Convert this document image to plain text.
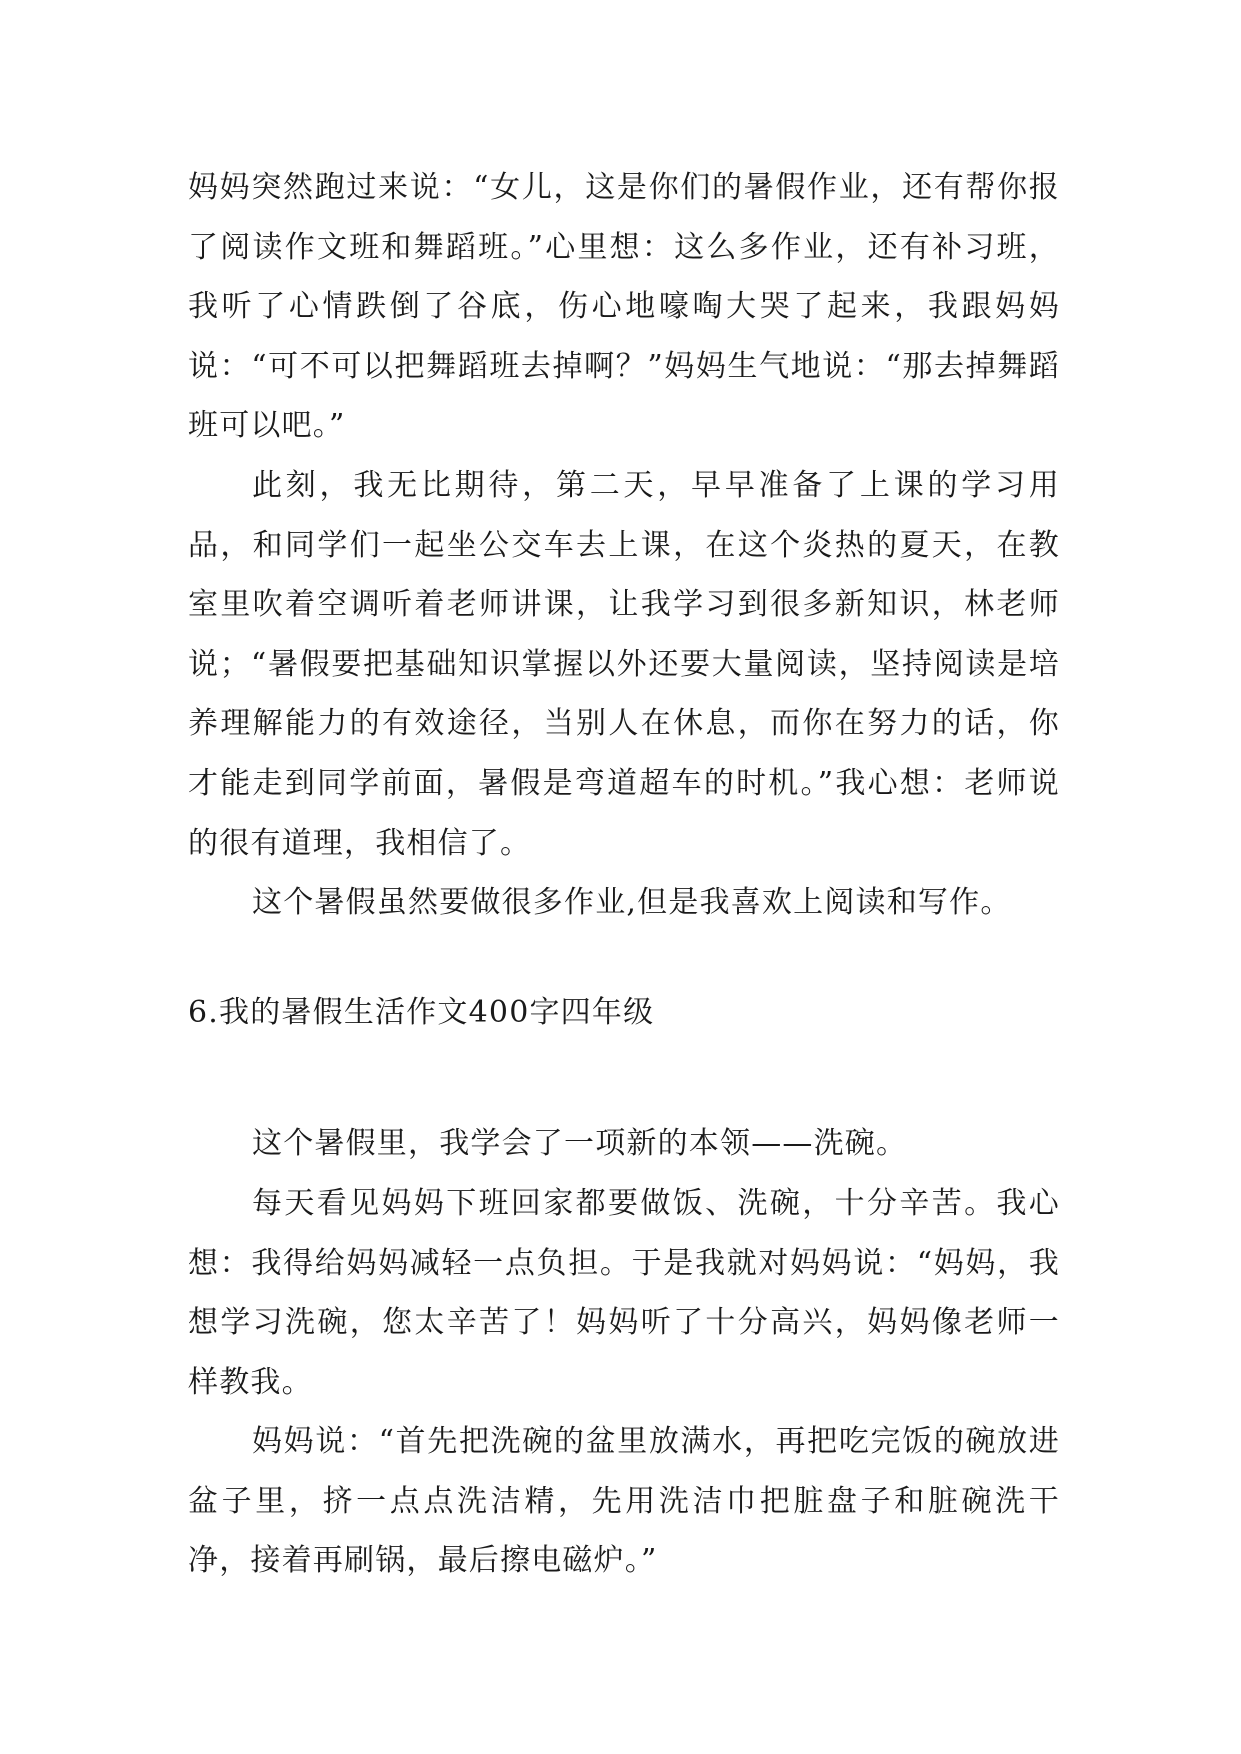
妈妈突然跑过来说：“女儿，这是你们的暑假作业，还有帮你报了阅读作文班和舞蹈班。”心里想：这么多作业，还有补习班，我听了心情跌倒了谷底，伤心地嚎啕大哭了起来，我跟妈妈说：“可不可以把舞蹈班去掉啊？”妈妈生气地说：“那去掉舞蹈班可以吧。”

此刻，我无比期待，第二天，早早准备了上课的学习用品，和同学们一起坐公交车去上课，在这个炎热的夏天，在教室里吹着空调听着老师讲课，让我学习到很多新知识，林老师说；“暑假要把基础知识掌握以外还要大量阅读，坚持阅读是培养理解能力的有效途径，当别人在休息，而你在努力的话，你才能走到同学前面，暑假是弯道超车的时机。”我心想：老师说的很有道理，我相信了。

这个暑假虽然要做很多作业,但是我喜欢上阅读和写作。

6.我的暑假生活作文400字四年级

这个暑假里，我学会了一项新的本领——洗碗。

每天看见妈妈下班回家都要做饭、洗碗，十分辛苦。我心想：我得给妈妈减轻一点负担。于是我就对妈妈说：“妈妈，我想学习洗碗，您太辛苦了！妈妈听了十分高兴，妈妈像老师一样教我。

妈妈说：“首先把洗碗的盆里放满水，再把吃完饭的碗放进盆子里，挤一点点洗洁精，先用洗洁巾把脏盘子和脏碗洗干净，接着再刷锅，最后擦电磁炉。”
